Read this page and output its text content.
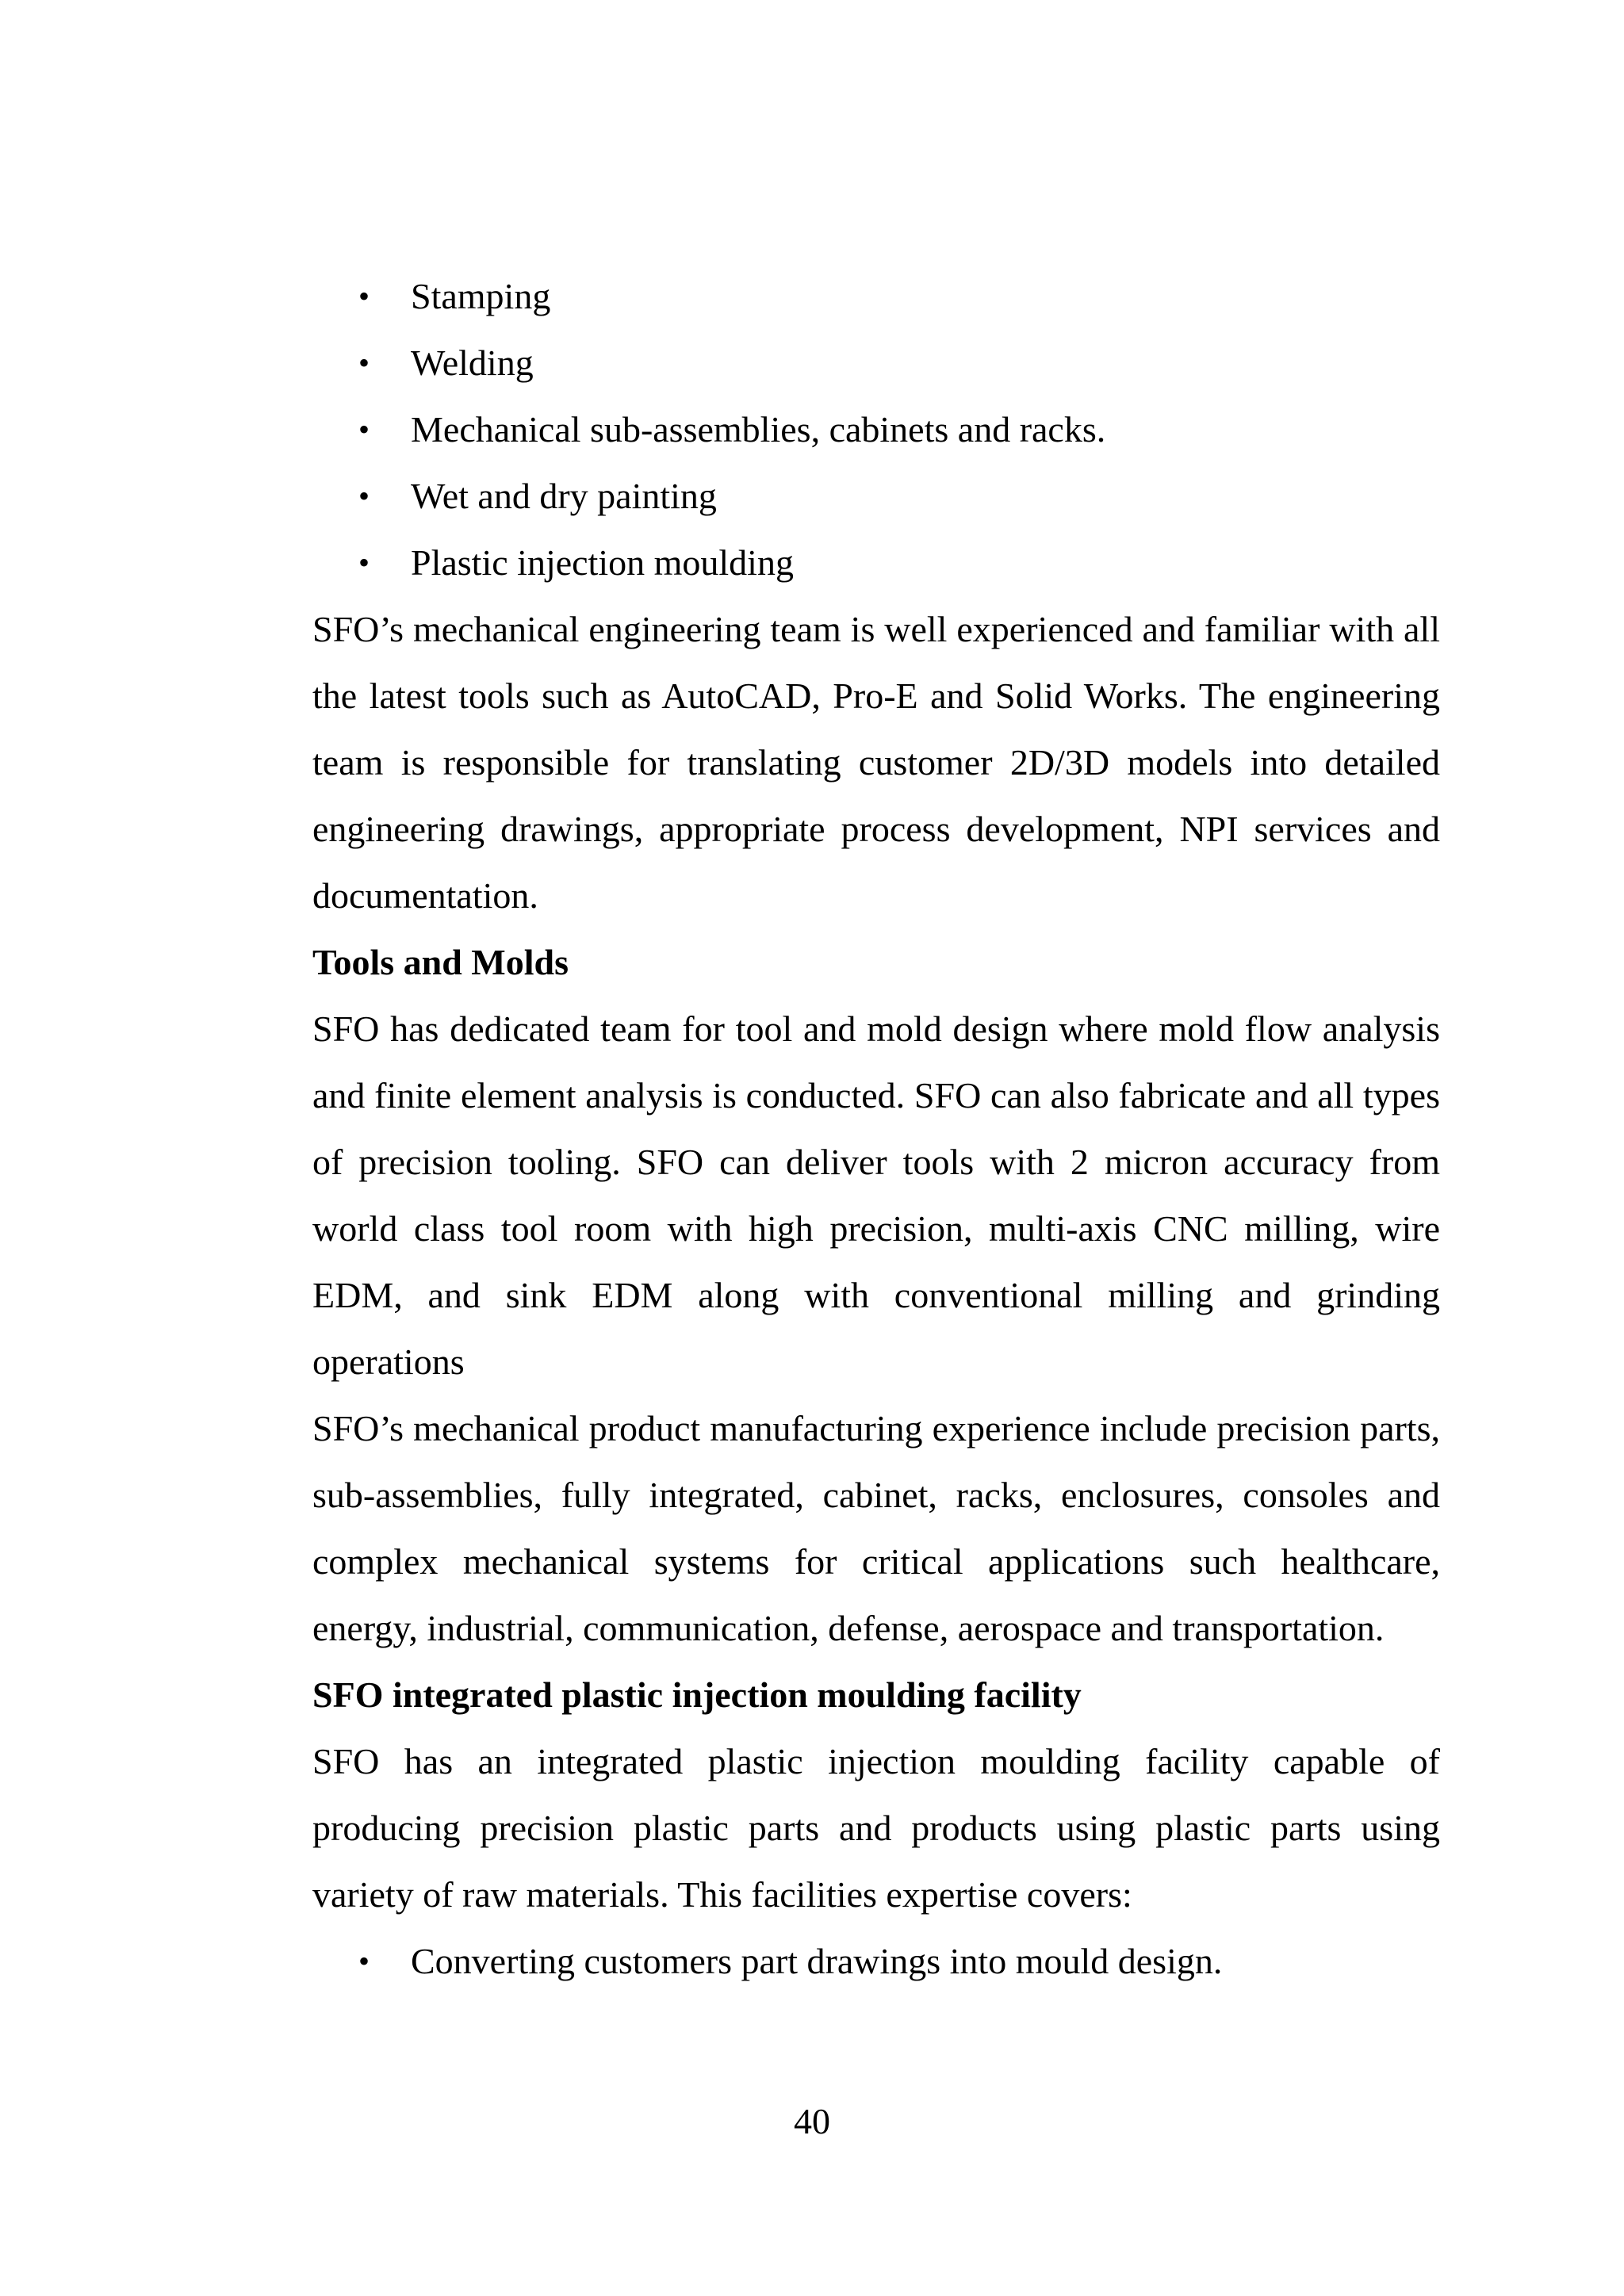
• Stamping
• Welding
• Mechanical sub-assemblies, cabinets and racks.
• Wet and dry painting
• Plastic injection moulding

SFO’s mechanical engineering team is well experienced and familiar with all the latest tools such as AutoCAD, Pro-E and Solid Works. The engineering team is responsible for translating customer 2D/3D models into detailed engineering drawings, appropriate process development, NPI services and documentation.

Tools and Molds

SFO has dedicated team for tool and mold design where mold flow analysis and finite element analysis is conducted. SFO can also fabricate and all types of precision tooling. SFO can deliver tools with 2 micron accuracy from world class tool room with high precision, multi-axis CNC milling, wire EDM, and sink EDM along with conventional milling and grinding operations

SFO’s mechanical product manufacturing experience include precision parts, sub-assemblies, fully integrated, cabinet, racks, enclosures, consoles and complex mechanical systems for critical applications such healthcare, energy, industrial, communication, defense, aerospace and transportation.

SFO integrated plastic injection moulding facility

SFO has an integrated plastic injection moulding facility capable of producing precision plastic parts and products using plastic parts using variety of raw materials. This facilities expertise covers:

• Converting customers part drawings into mould design.
40
